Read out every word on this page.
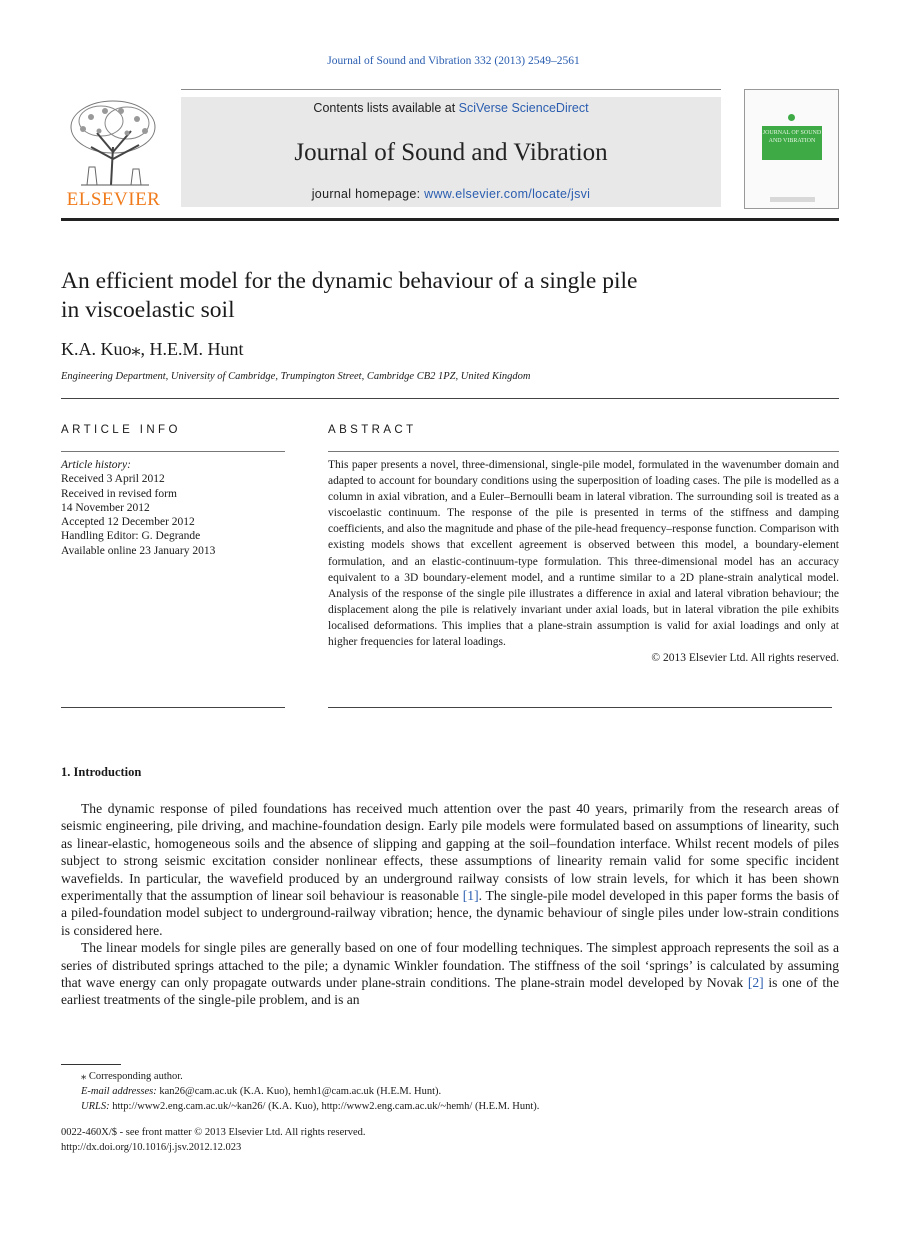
Journal of Sound and Vibration 332 (2013) 2549–2561
ELSEVIER
Contents lists available at SciVerse ScienceDirect
Journal of Sound and Vibration
journal homepage: www.elsevier.com/locate/jsvi
JOURNAL OF SOUND AND VIBRATION
An efficient model for the dynamic behaviour of a single pile
in viscoelastic soil
K.A. Kuo⁎, H.E.M. Hunt
Engineering Department, University of Cambridge, Trumpington Street, Cambridge CB2 1PZ, United Kingdom
ARTICLE INFO
Article history:
Received 3 April 2012
Received in revised form
14 November 2012
Accepted 12 December 2012
Handling Editor: G. Degrande
Available online 23 January 2013
ABSTRACT
This paper presents a novel, three-dimensional, single-pile model, formulated in the wavenumber domain and adapted to account for boundary conditions using the superposition of loading cases. The pile is modelled as a column in axial vibration, and a Euler–Bernoulli beam in lateral vibration. The surrounding soil is treated as a viscoelastic continuum. The response of the pile is presented in terms of the stiffness and damping coefficients, and also the magnitude and phase of the pile-head frequency–response function. Comparison with existing models shows that excellent agreement is observed between this model, a boundary-element formulation, and an elastic-continuum-type formulation. This three-dimensional model has an accuracy equivalent to a 3D boundary-element model, and a runtime similar to a 2D plane-strain analytical model. Analysis of the response of the single pile illustrates a difference in axial and lateral vibration behaviour; the displacement along the pile is relatively invariant under axial loads, but in lateral vibration the pile exhibits localised deformations. This implies that a plane-strain assumption is valid for axial loadings and only at higher frequencies for lateral loadings.
© 2013 Elsevier Ltd. All rights reserved.
1. Introduction

The dynamic response of piled foundations has received much attention over the past 40 years, primarily from the research areas of seismic engineering, pile driving, and machine-foundation design. Early pile models were formulated based on assumptions of linearity, such as linear-elastic, homogeneous soils and the absence of slipping and gapping at the soil–foundation interface. Whilst recent models of piles subject to strong seismic excitation consider nonlinear effects, these assumptions of linearity remain valid for some specific incident wavefields. In particular, the wavefield produced by an underground railway consists of low strain levels, for which it has been shown experimentally that the assumption of linear soil behaviour is reasonable [1]. The single-pile model developed in this paper forms the basis of a piled-foundation model subject to underground-railway vibration; hence, the dynamic behaviour of single piles under low-strain conditions is considered here.

The linear models for single piles are generally based on one of four modelling techniques. The simplest approach represents the soil as a series of distributed springs attached to the pile; a dynamic Winkler foundation. The stiffness of the soil ‘springs’ is calculated by assuming that wave energy can only propagate outwards under plane-strain conditions. The plane-strain model developed by Novak [2] is one of the earliest treatments of the single-pile problem, and is an

⁎ Corresponding author.
E-mail addresses: kan26@cam.ac.uk (K.A. Kuo), hemh1@cam.ac.uk (H.E.M. Hunt).
URLS: http://www2.eng.cam.ac.uk/~kan26/ (K.A. Kuo), http://www2.eng.cam.ac.uk/~hemh/ (H.E.M. Hunt).
0022-460X/$ - see front matter © 2013 Elsevier Ltd. All rights reserved.
http://dx.doi.org/10.1016/j.jsv.2012.12.023
